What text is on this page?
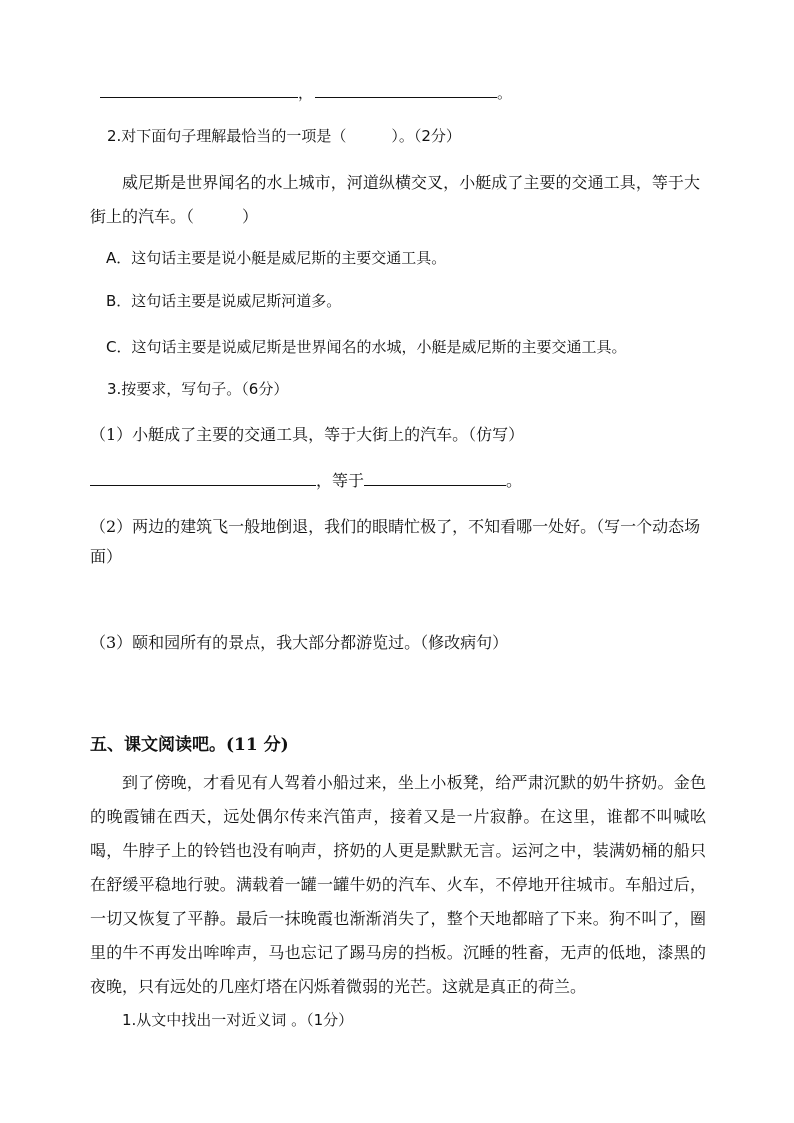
，	。
2.对下面句子理解最恰当的一项是（　　　）。（2分）
威尼斯是世界闻名的水上城市，河道纵横交叉，小艇成了主要的交通工具，等于大街上的汽车。（　　　）
A．这句话主要是说小艇是威尼斯的主要交通工具。
B．这句话主要是说威尼斯河道多。
C．这句话主要是说威尼斯是世界闻名的水城，小艇是威尼斯的主要交通工具。
3.按要求，写句子。（6分）
（1）小艇成了主要的交通工具，等于大街上的汽车。（仿写）
，等于	。
（2）两边的建筑飞一般地倒退，我们的眼睛忙极了，不知看哪一处好。（写一个动态场面）
（3）颐和园所有的景点，我大部分都游览过。（修改病句）
五、课文阅读吧。(11 分)
到了傍晚，才看见有人驾着小船过来，坐上小板凳，给严肃沉默的奶牛挤奶。金色的晚霞铺在西天，远处偶尔传来汽笛声，接着又是一片寂静。在这里，谁都不叫喊吆喝，牛脖子上的铃铛也没有响声，挤奶的人更是默默无言。运河之中，装满奶桶的船只在舒缓平稳地行驶。满载着一罐一罐牛奶的汽车、火车，不停地开往城市。车船过后，一切又恢复了平静。最后一抹晚霞也渐渐消失了，整个天地都暗了下来。狗不叫了，圈里的牛不再发出哞哞声，马也忘记了踢马房的挡板。沉睡的牲畜，无声的低地，漆黑的夜晚，只有远处的几座灯塔在闪烁着微弱的光芒。这就是真正的荷兰。
1.从文中找出一对近义词 。（1分）
